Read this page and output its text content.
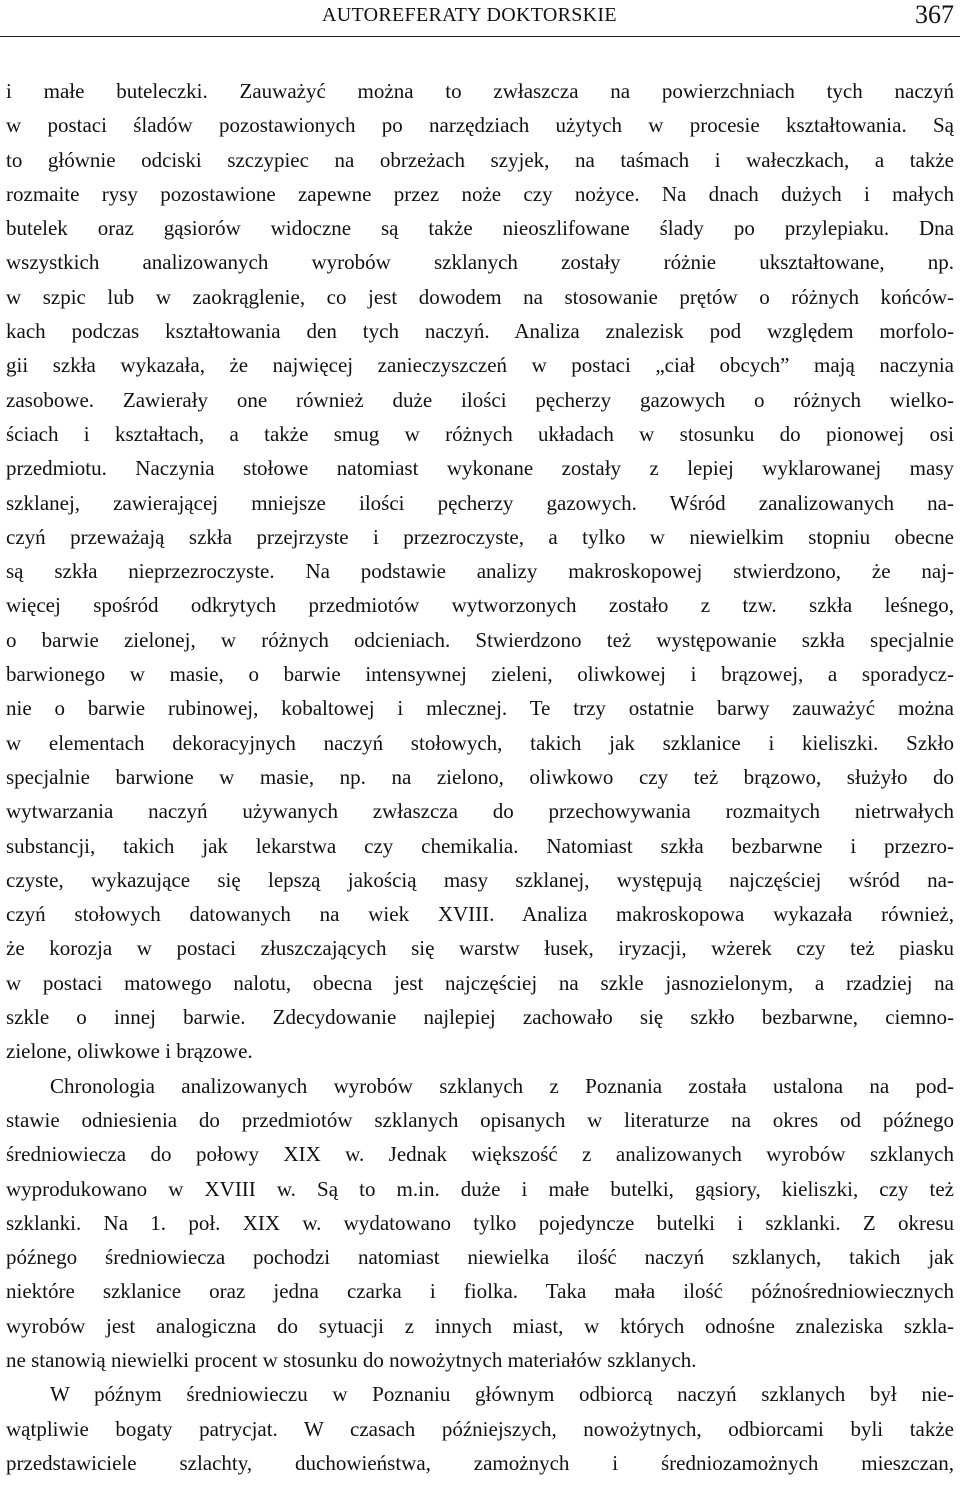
AUTOREFERATY DOKTORSKIE	367
i małe buteleczki. Zauważyć można to zwłaszcza na powierzchniach tych naczyń
w postaci śladów pozostawionych po narzędziach użytych w procesie kształtowania. Są
to głównie odciski szczypiec na obrzeżach szyjek, na taśmach i wałeczkach, a także
rozmaite rysy pozostawione zapewne przez noże czy nożyce. Na dnach dużych i małych
butelek oraz gąsiorów widoczne są także nieoszlifowane ślady po przylepiaku. Dna
wszystkich analizowanych wyrobów szklanych zostały różnie ukształtowane, np.
w szpic lub w zaokrąglenie, co jest dowodem na stosowanie prętów o różnych końców-
kach podczas kształtowania den tych naczyń. Analiza znalezisk pod względem morfolo-
gii szkła wykazała, że najwięcej zanieczyszczeń w postaci „ciał obcych” mają naczynia
zasobowe. Zawierały one również duże ilości pęcherzy gazowych o różnych wielko-
ściach i kształtach, a także smug w różnych układach w stosunku do pionowej osi
przedmiotu. Naczynia stołowe natomiast wykonane zostały z lepiej wyklarowanej masy
szklanej, zawierającej mniejsze ilości pęcherzy gazowych. Wśród zanalizowanych na-
czyń przeważają szkła przejrzyste i przezroczyste, a tylko w niewielkim stopniu obecne
są szkła nieprzezroczyste. Na podstawie analizy makroskopowej stwierdzono, że naj-
więcej spośród odkrytych przedmiotów wytworzonych zostało z tzw. szkła leśnego,
o barwie zielonej, w różnych odcieniach. Stwierdzono też występowanie szkła specjalnie
barwionego w masie, o barwie intensywnej zieleni, oliwkowej i brązowej, a sporadycz-
nie o barwie rubinowej, kobaltowej i mlecznej. Te trzy ostatnie barwy zauważyć można
w elementach dekoracyjnych naczyń stołowych, takich jak szklanice i kieliszki. Szkło
specjalnie barwione w masie, np. na zielono, oliwkowo czy też brązowo, służyło do
wytwarzania naczyń używanych zwłaszcza do przechowywania rozmaitych nietrwałych
substancji, takich jak lekarstwa czy chemikalia. Natomiast szkła bezbarwne i przezro-
czyste, wykazujące się lepszą jakością masy szklanej, występują najczęściej wśród na-
czyń stołowych datowanych na wiek XVIII. Analiza makroskopowa wykazała również,
że korozja w postaci złuszczających się warstw łusek, iryzacji, wżerek czy też piasku
w postaci matowego nalotu, obecna jest najczęściej na szkle jasnozielonym, a rzadziej na
szkle o innej barwie. Zdecydowanie najlepiej zachowało się szkło bezbarwne, ciemno-
zielone, oliwkowe i brązowe.
Chronologia analizowanych wyrobów szklanych z Poznania została ustalona na pod-
stawie odniesienia do przedmiotów szklanych opisanych w literaturze na okres od późnego
średniowiecza do połowy XIX w. Jednak większość z analizowanych wyrobów szklanych
wyprodukowano w XVIII w. Są to m.in. duże i małe butelki, gąsiory, kieliszki, czy też
szklanki. Na 1. poł. XIX w. wydatowano tylko pojedyncze butelki i szklanki. Z okresu
późnego średniowiecza pochodzi natomiast niewielka ilość naczyń szklanych, takich jak
niektóre szklanice oraz jedna czarka i fiolka. Taka mała ilość późnośredniowiecznych
wyrobów jest analogiczna do sytuacji z innych miast, w których odnośne znaleziska szkla-
ne stanowią niewielki procent w stosunku do nowożytnych materiałów szklanych.
W późnym średniowieczu w Poznaniu głównym odbiorcą naczyń szklanych był nie-
wątpliwie bogaty patrycjat. W czasach późniejszych, nowożytnych, odbiorcami byli także
przedstawiciele szlachty, duchowieństwa, zamożnych i średniozamożnych mieszczan,
